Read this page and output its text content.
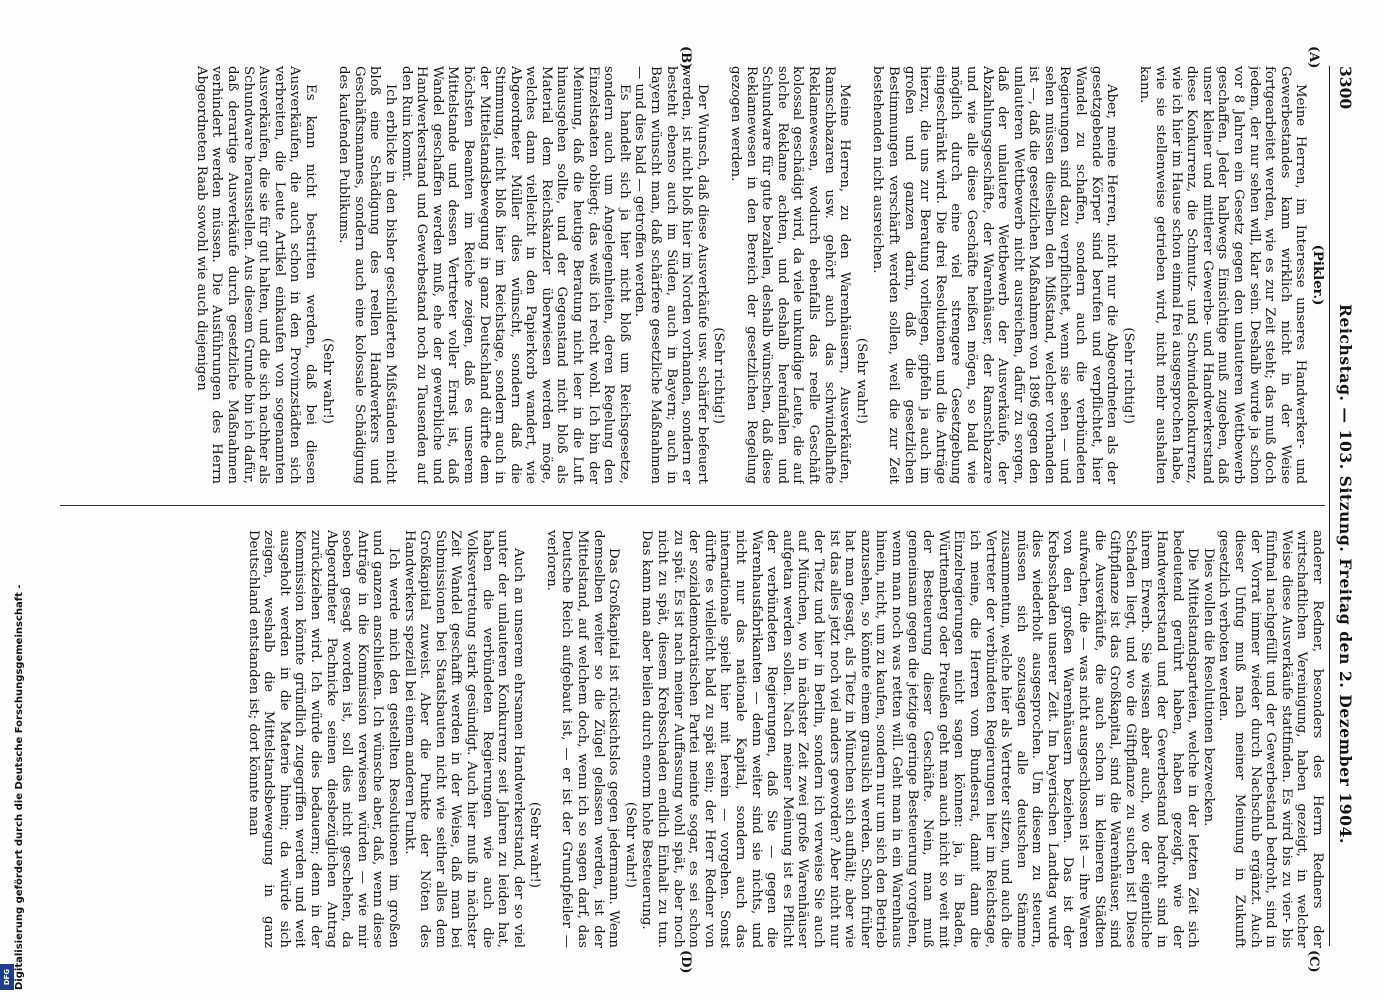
3300
Reichstag. — 103. Sitzung. Freitag den 2. Dezember 1904.
(A)
(B)
(C)
(D)

(Pikler.)

Meine Herren, im Interesse unseres Handwerker- und Gewerbestandes kann wirklich nicht in der Weise fortgearbeitet werden, wie es zur Zeit steht; das muß doch jedem, der nur sehen will, klar sein. Deshalb wurde ja schon vor 8 Jahren ein Gesetz gegen den unlauteren Wettbewerb geschaffen. Jeder halbwegs Einsichtige muß zugeben, daß unser kleiner und mittlerer Gewerbe- und Handwerkerstand diese Konkurrenz, die Schmutz- und Schwindelkonkurrenz, wie ich hier im Hause schon einmal frei ausgesprochen habe, wie sie stellenweise getrieben wird, nicht mehr aushalten kann.

(Sehr richtig!)

Aber, meine Herren, nicht nur die Abgeordneten als der gesetzgebende Körper sind berufen und verpflichtet, hier Wandel zu schaffen, sondern auch die verbündeten Regierungen sind dazu verpflichtet, wenn sie sehen — und sehen müssen dieselben den Mißstand, welcher vorhanden ist —, daß die gesetzlichen Maßnahmen von 1896 gegen den unlauteren Wettbewerb nicht ausreichen, dafür zu sorgen, daß der unlautere Wettbewerb der Ausverkäufe, der Abzahlungsgeschäfte, der Warenhäuser, der Ramschbazare und wie alle diese Geschäfte heißen mögen, so bald wie möglich durch eine viel strengere Gesetzgebung eingeschränkt wird. Die drei Resolutionen und die Anträge hierzu, die uns zur Beratung vorliegen, gipfeln ja auch im großen und ganzen darin, daß die gesetzlichen Bestimmungen verschärft werden sollen, weil die zur Zeit bestehenden nicht ausreichen.

(Sehr wahr!)

Meine Herren, zu den Warenhäusern, Ausverkäufen, Ramschbazaren usw. gehört auch das schwindelhafte Reklamewesen, wodurch ebenfalls das reelle Geschäft kolossal geschädigt wird, da viele unkundige Leute, die auf solche Reklame achten, und deshalb hereinfallen und Schundware für gute bezahlen, deshalb wünschen, daß diese Reklamewesen in den Bereich der gesetzlichen Regelung gezogen werden.

(Sehr richtig!)

Der Wunsch, daß diese Ausverkäufe usw. schärfer befeuert werden, ist nicht bloß hier im Norden vorhanden, sondern er besteht ebenso auch im Süden, auch in Bayern; auch in Bayern wünscht man, daß schärfere gesetzliche Maßnahmen — und dies bald — getroffen werden.

Es handelt sich ja hier nicht bloß um Reichsgesetze, sondern auch um Angelegenheiten, deren Regelung den Einzelstaaten obliegt; das weiß ich recht wohl. Ich bin der Meinung, daß die heutige Beratung nicht leer in die Luft hinausgehen sollte, und der Gegenstand nicht bloß als Material dem Reichskanzler überwiesen werden möge, welches dann vielleicht in den Papierkorb wandert, wie Abgeordneter Müller dies wünscht, sondern daß die Stimmung, nicht bloß hier im Reichstage, sondern auch in der Mittelstandsbewegung in ganz Deutschland dürfte dem höchsten Beamten im Reiche zeigen, daß es unserem Mittelstande und dessen Vertreter voller Ernst ist, daß Wandel geschaffen werden muß, ehe der gewerbliche und Handwerkerstand und Gewerbestand noch zu Tausenden auf den Ruin kommt.

Ich erblicke in den bisher geschilderten Mißständen nicht bloß eine Schädigung des reellen Handwerkers und Geschäftsmannes, sondern auch eine kolossale Schädigung des kaufenden Publikums.

(Sehr wahr!)

Es kann nicht bestritten werden, daß bei diesen Ausverkäufen, die auch schon in den Provinzstädten sich verbreiten, die Leute Artikel einkaufen von sogenannten Ausverkäufen, die sie für gut halten, und die sich nachher als Schundware herausstellen. Aus diesem Grunde bin ich dafür, daß derartige Ausverkäufe durch gesetzliche Maßnahmen verhindert werden müssen. Die Ausführungen des Herrn Abgeordneten Raab sowohl wie auch diejenigen

anderer Redner, besonders des Herrn Redners der wirtschaftlichen Vereinigung, haben gezeigt, in welcher Weise diese Ausverkäufe stattfinden. Es wird bis zu vier- bis fünfmal nachgefüllt und der Gewerbestand bedroht, sind in der Vorrat immer wieder durch Nachschub ergänzt. Auch dieser Unfug muß nach meiner Meinung in Zukunft gesetzlich verboten werden.

Dies wollen die Resolutionen bezwecken.

Die Mittelstandsparteien, welche in der letzten Zeit sich bedeutend gerührt haben, haben gezeigt, wie der Handwerkerstand und der Gewerbestand bedroht sind in ihrem Erwerb. Sie wissen aber auch, wo der eigentliche Schaden liegt, und wo die Giftpflanze zu suchen ist! Diese Giftpflanze ist das Großkapital, sind die Warenhäuser, sind die Ausverkäufe, die auch schon in kleineren Städten aufwachen, die — was nicht ausgeschlossen ist — ihre Waren von den großen Warenhäusern beziehen. Das ist der Krebsschaden unserer Zeit. Im bayerischen Landtag wurde dies wiederholt ausgesprochen. Um diesem zu steuern, müssen sich sozusagen alle deutschen Stämme zusammentun, welche hier als Vertreter sitzen, und auch die Vertreter der verbündeten Regierungen hier im Reichstage, ich meine, die Herren vom Bundesrat, damit dann die Einzelregierungen nicht sagen können: ja, in Baden, Württemberg oder Preußen geht man auch nicht so weit mit der Besteuerung dieser Geschäfte. Nein, man muß gemeinsam gegen die jetzige geringe Besteuerung vorgehen, wenn man noch was retten will. Geht man in ein Warenhaus hinein, nicht, um zu kaufen, sondern nur um sich den Betrieb anzusehen, so könnte einem grauslich werden. Schon früher hat man gesagt, als Tietz in München sich aufhält; aber wie ist das alles jetzt noch viel anders geworden? Aber nicht nur der Tietz und hier in Berlin, sondern ich verweise Sie auch auf München, wo in nächster Zeit zwei große Warenhäuser aufgetan werden sollen. Nach meiner Meinung ist es Pflicht der verbündeten Regierungen, daß Sie — gegen die Warenhausfabrikanten — denn weiter sind sie nichts, und nicht nur das nationale Kapital, sondern auch das internationale spielt hier mit herein — vorgehen. Sonst dürfte es vielleicht bald zu spät sein; der Herr Redner von der sozialdemokratischen Partei meinte sogar, es sei schon zu spät. Es ist nach meiner Auffassung wohl spät, aber noch nicht zu spät, diesem Krebsschaden endlich Einhalt zu tun. Das kann man aber heilen durch enorm hohe Besteuerung.

(Sehr wahr!)

Das Großkapital ist rücksichtslos gegen jedermann. Wenn demselben weiter so die Zügel gelassen werden, ist der Mittelstand, auf welchem doch, wenn ich so sagen darf, das Deutsche Reich aufgebaut ist, — er ist der Grundpfeiler — verloren.

(Sehr wahr!)

Auch an unserem ehrsamen Handwerkerstand, der so viel unter der unlauteren Konkurrenz seit Jahren zu leiden hat, haben die verbündeten Regierungen wie auch die Volksvertretung stark gesündigt. Auch hier muß in nächster Zeit Wandel geschafft werden in der Weise, daß man bei Submissionen bei Staatsbauten nicht wie seither alles dem Großkapital zuweist. Aber die Punkte der Nöten des Handwerkers speziell bei einem anderen Punkt.

Ich werde mich den gestellten Resolutionen im großen und ganzen anschließen. Ich wünsche aber, daß, wenn diese Anträge in die Kommission verwiesen würden — wie mir soeben gesagt worden ist, soll dies nicht geschehen, da Abgeordneter Pachnicke seinen diesbezüglichen Antrag zurückziehen wird. Ich würde dies bedauern; denn in der Kommission könnte gründlich zugegriffen werden und weit ausgeholt werden in die Materie hinein; da würde sich zeigen, weshalb die Mittelstandsbewegung in ganz Deutschland entstanden ist; dort könnte man

Digitalisierung gefördert durch die Deutsche Forschungsgemeinschaft -
DFG
